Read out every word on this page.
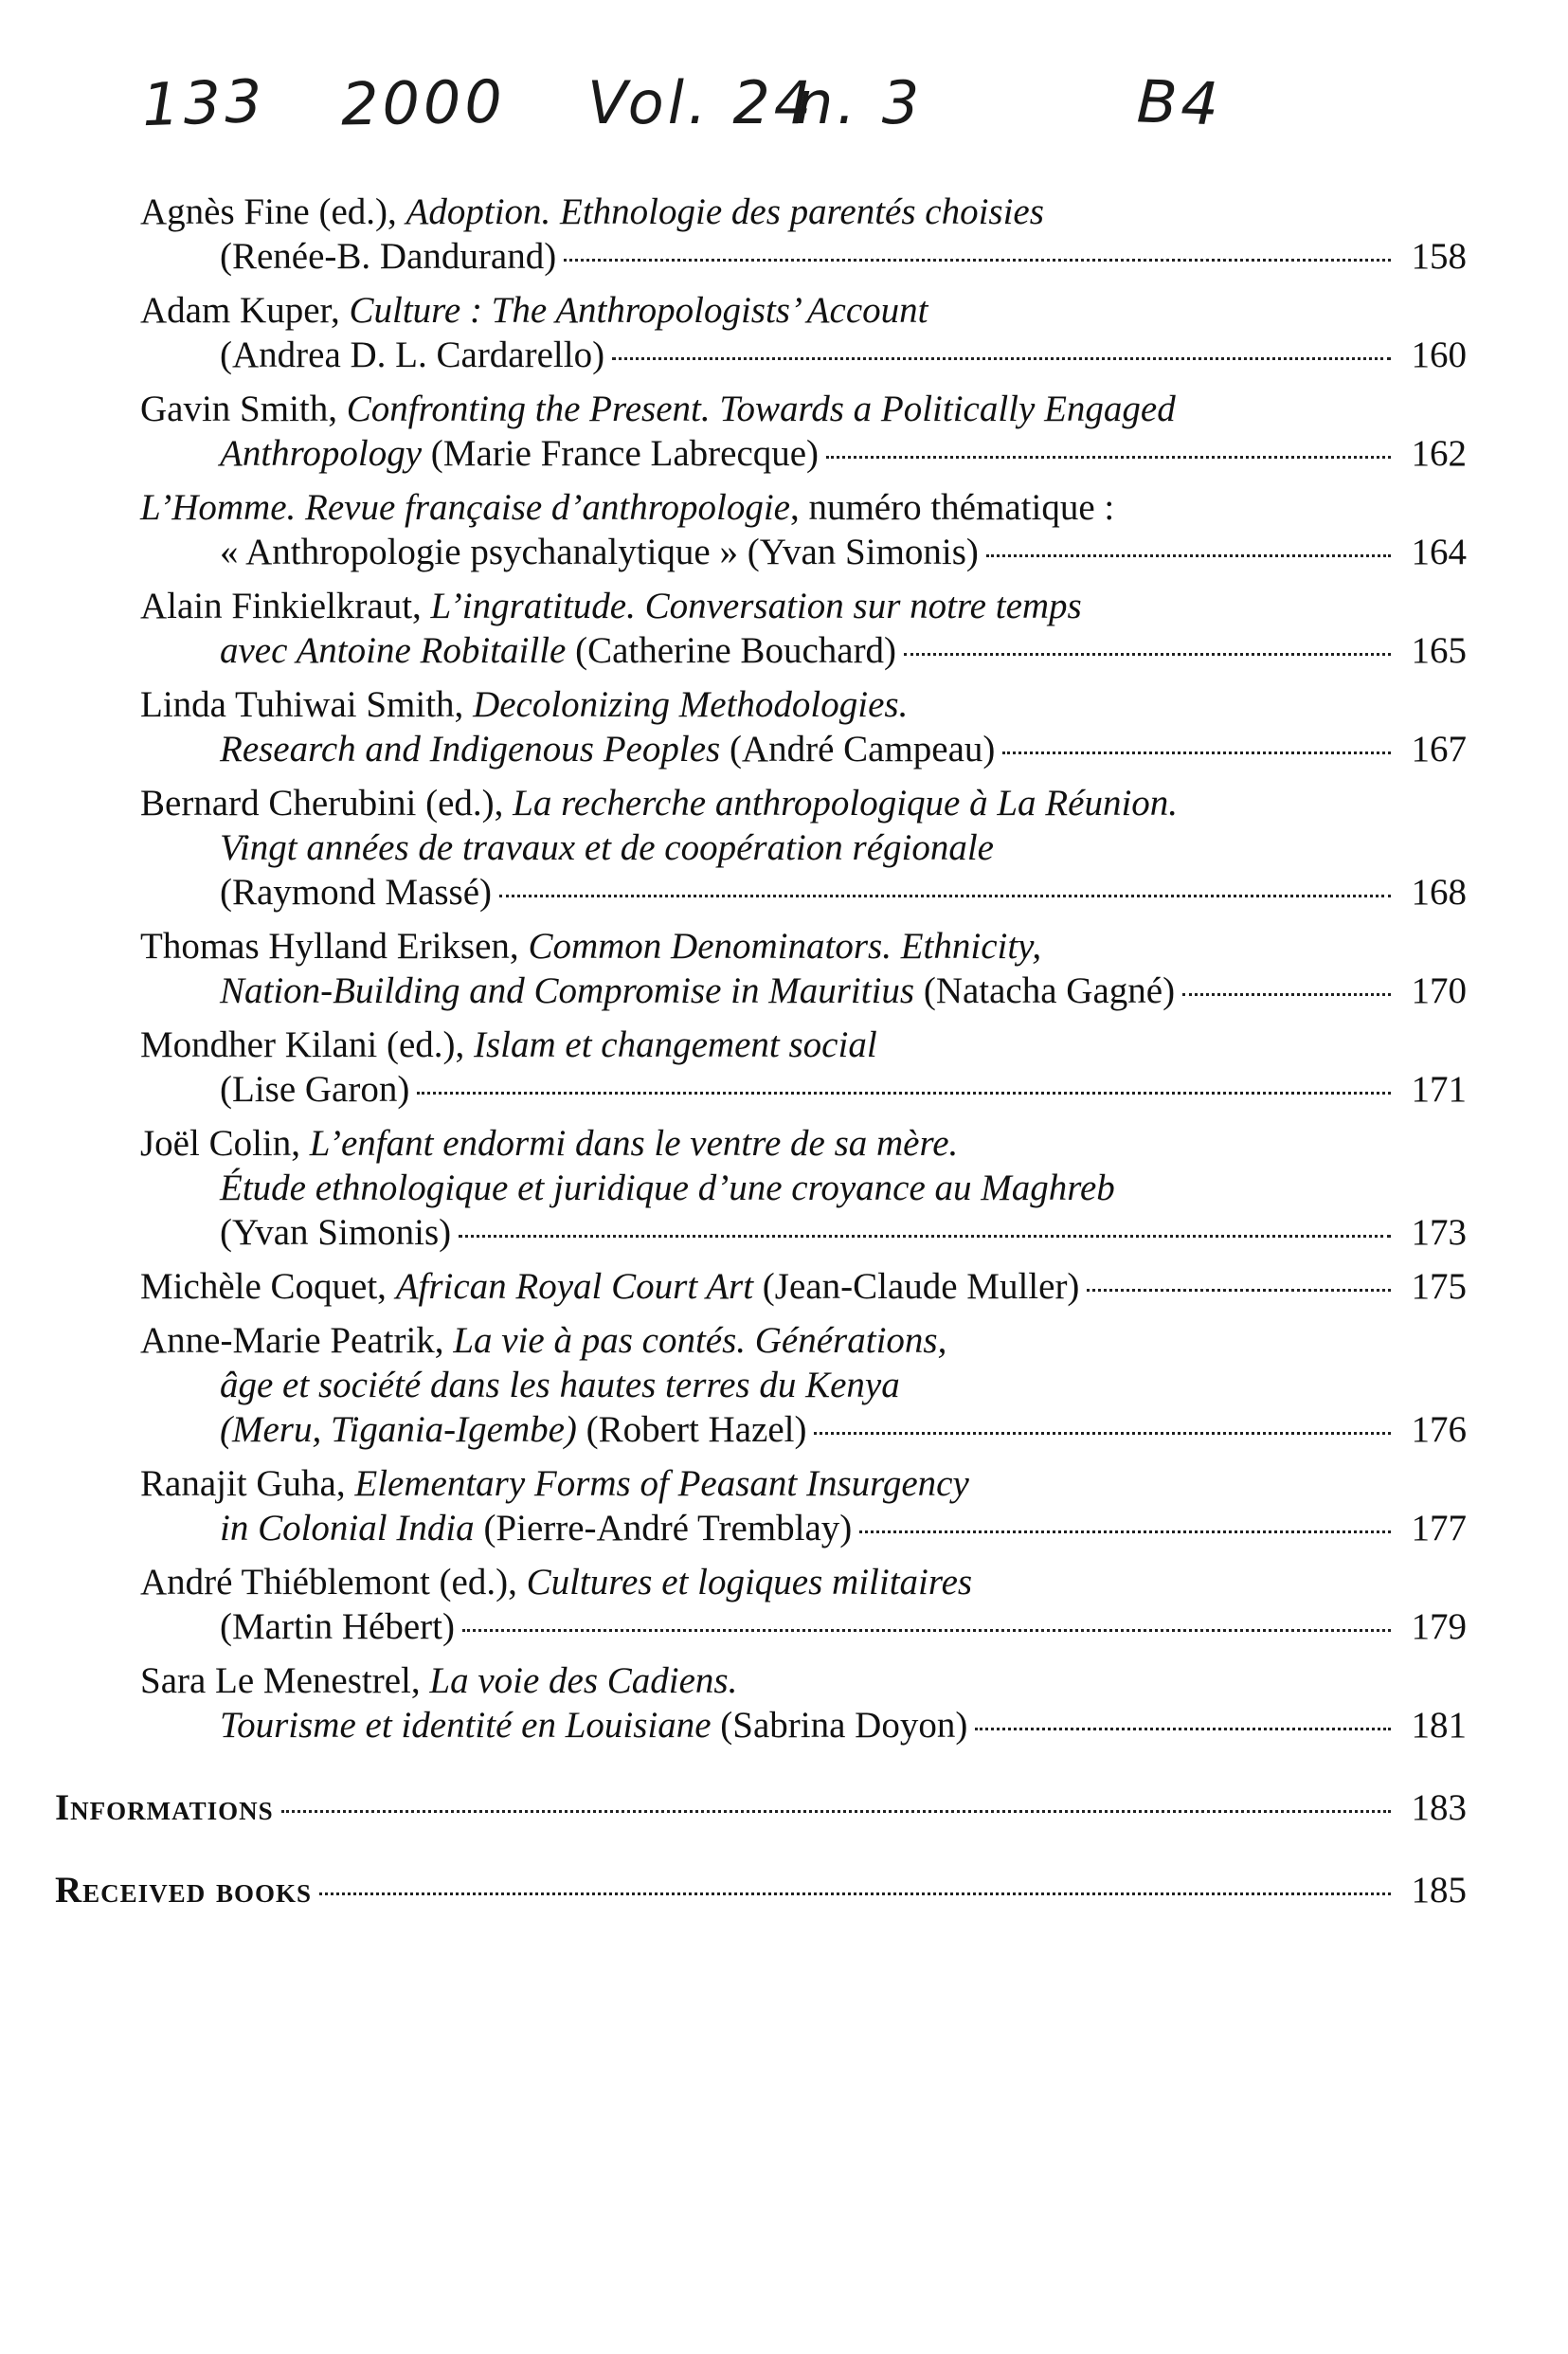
133 2000 Vol. 24
n. 3	B4
Agnès Fine (ed.), Adoption. Ethnologie des parentés choisies
(Renée-B. Dandurand)	158
Adam Kuper, Culture : The Anthropologists’ Account
(Andrea D. L. Cardarello)	160
Gavin Smith, Confronting the Present. Towards a Politically Engaged
Anthropology (Marie France Labrecque)	162
L’Homme. Revue française d’anthropologie, numéro thématique :
« Anthropologie psychanalytique » (Yvan Simonis)	164
Alain Finkielkraut, L’ingratitude. Conversation sur notre temps
avec Antoine Robitaille (Catherine Bouchard)	165
Linda Tuhiwai Smith, Decolonizing Methodologies.
Research and Indigenous Peoples (André Campeau)	167
Bernard Cherubini (ed.), La recherche anthropologique à La Réunion.
Vingt années de travaux et de coopération régionale
(Raymond Massé)	168
Thomas Hylland Eriksen, Common Denominators. Ethnicity,
Nation-Building and Compromise in Mauritius (Natacha Gagné)	170
Mondher Kilani (ed.), Islam et changement social
(Lise Garon)	171
Joël Colin, L’enfant endormi dans le ventre de sa mère.
Étude ethnologique et juridique d’une croyance au Maghreb
(Yvan Simonis)	173
Michèle Coquet, African Royal Court Art (Jean-Claude Muller)	175
Anne-Marie Peatrik, La vie à pas contés. Générations,
âge et société dans les hautes terres du Kenya
(Meru, Tigania-Igembe) (Robert Hazel)	176
Ranajit Guha, Elementary Forms of Peasant Insurgency
in Colonial India (Pierre-André Tremblay)	177
André Thiéblemont (ed.), Cultures et logiques militaires
(Martin Hébert)	179
Sara Le Menestrel, La voie des Cadiens.
Tourisme et identité en Louisiane (Sabrina Doyon)	181
Informations	183
Received books	185
